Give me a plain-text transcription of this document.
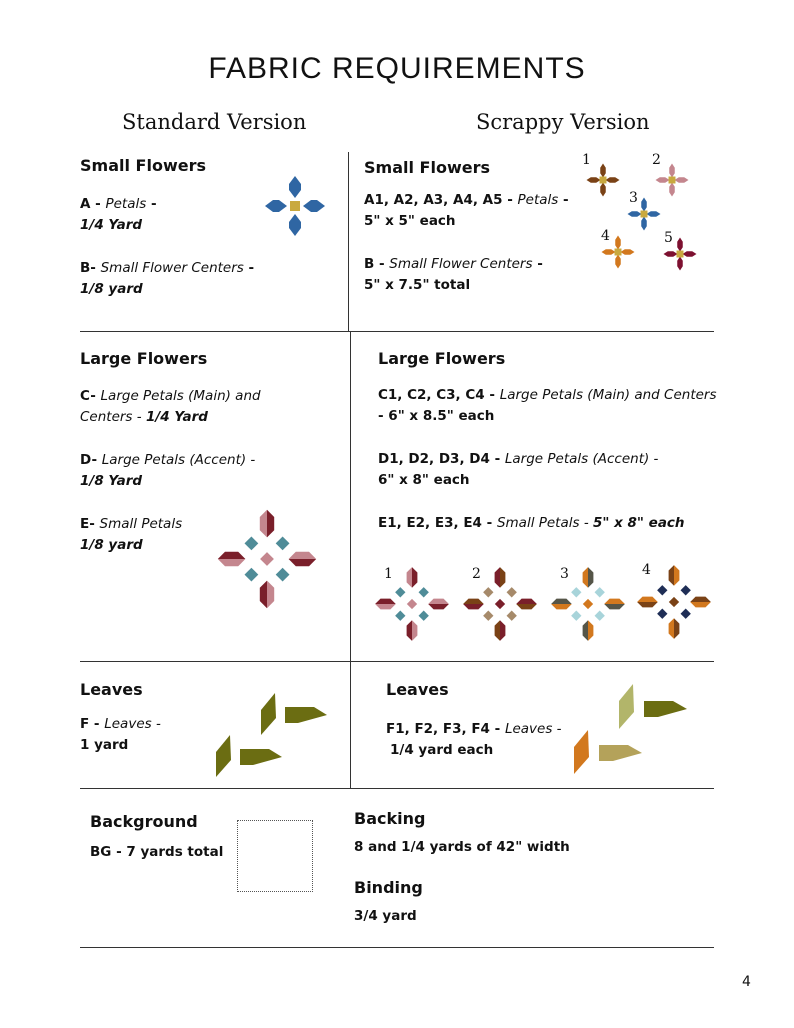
FABRIC REQUIREMENTS
Standard Version	Scrappy Version
Small Flowers
A - Petals -
1/4 Yard
B- Small Flower Centers -
1/8 yard
Small Flowers
A1, A2, A3, A4, A5 - Petals -
5" x 5" each
B - Small Flower Centers -
5" x 7.5" total
1	2
3
4	5
Large Flowers
C- Large Petals (Main) and
Centers - 1/4 Yard
D- Large Petals (Accent) -
1/8 Yard
E- Small Petals
1/8 yard
Large Flowers
C1, C2, C3, C4 - Large Petals (Main) and Centers
- 6" x 8.5" each
D1, D2, D3, D4 - Large Petals (Accent) -
6" x 8" each
E1, E2, E3, E4 - Small Petals - 5" x 8" each
1	2	3	4
Leaves
F - Leaves -
1 yard
Leaves
F1, F2, F3, F4 - Leaves -
1/4 yard each
Background
BG - 7 yards total
Backing
8 and 1/4 yards of 42" width
Binding
3/4 yard
4
